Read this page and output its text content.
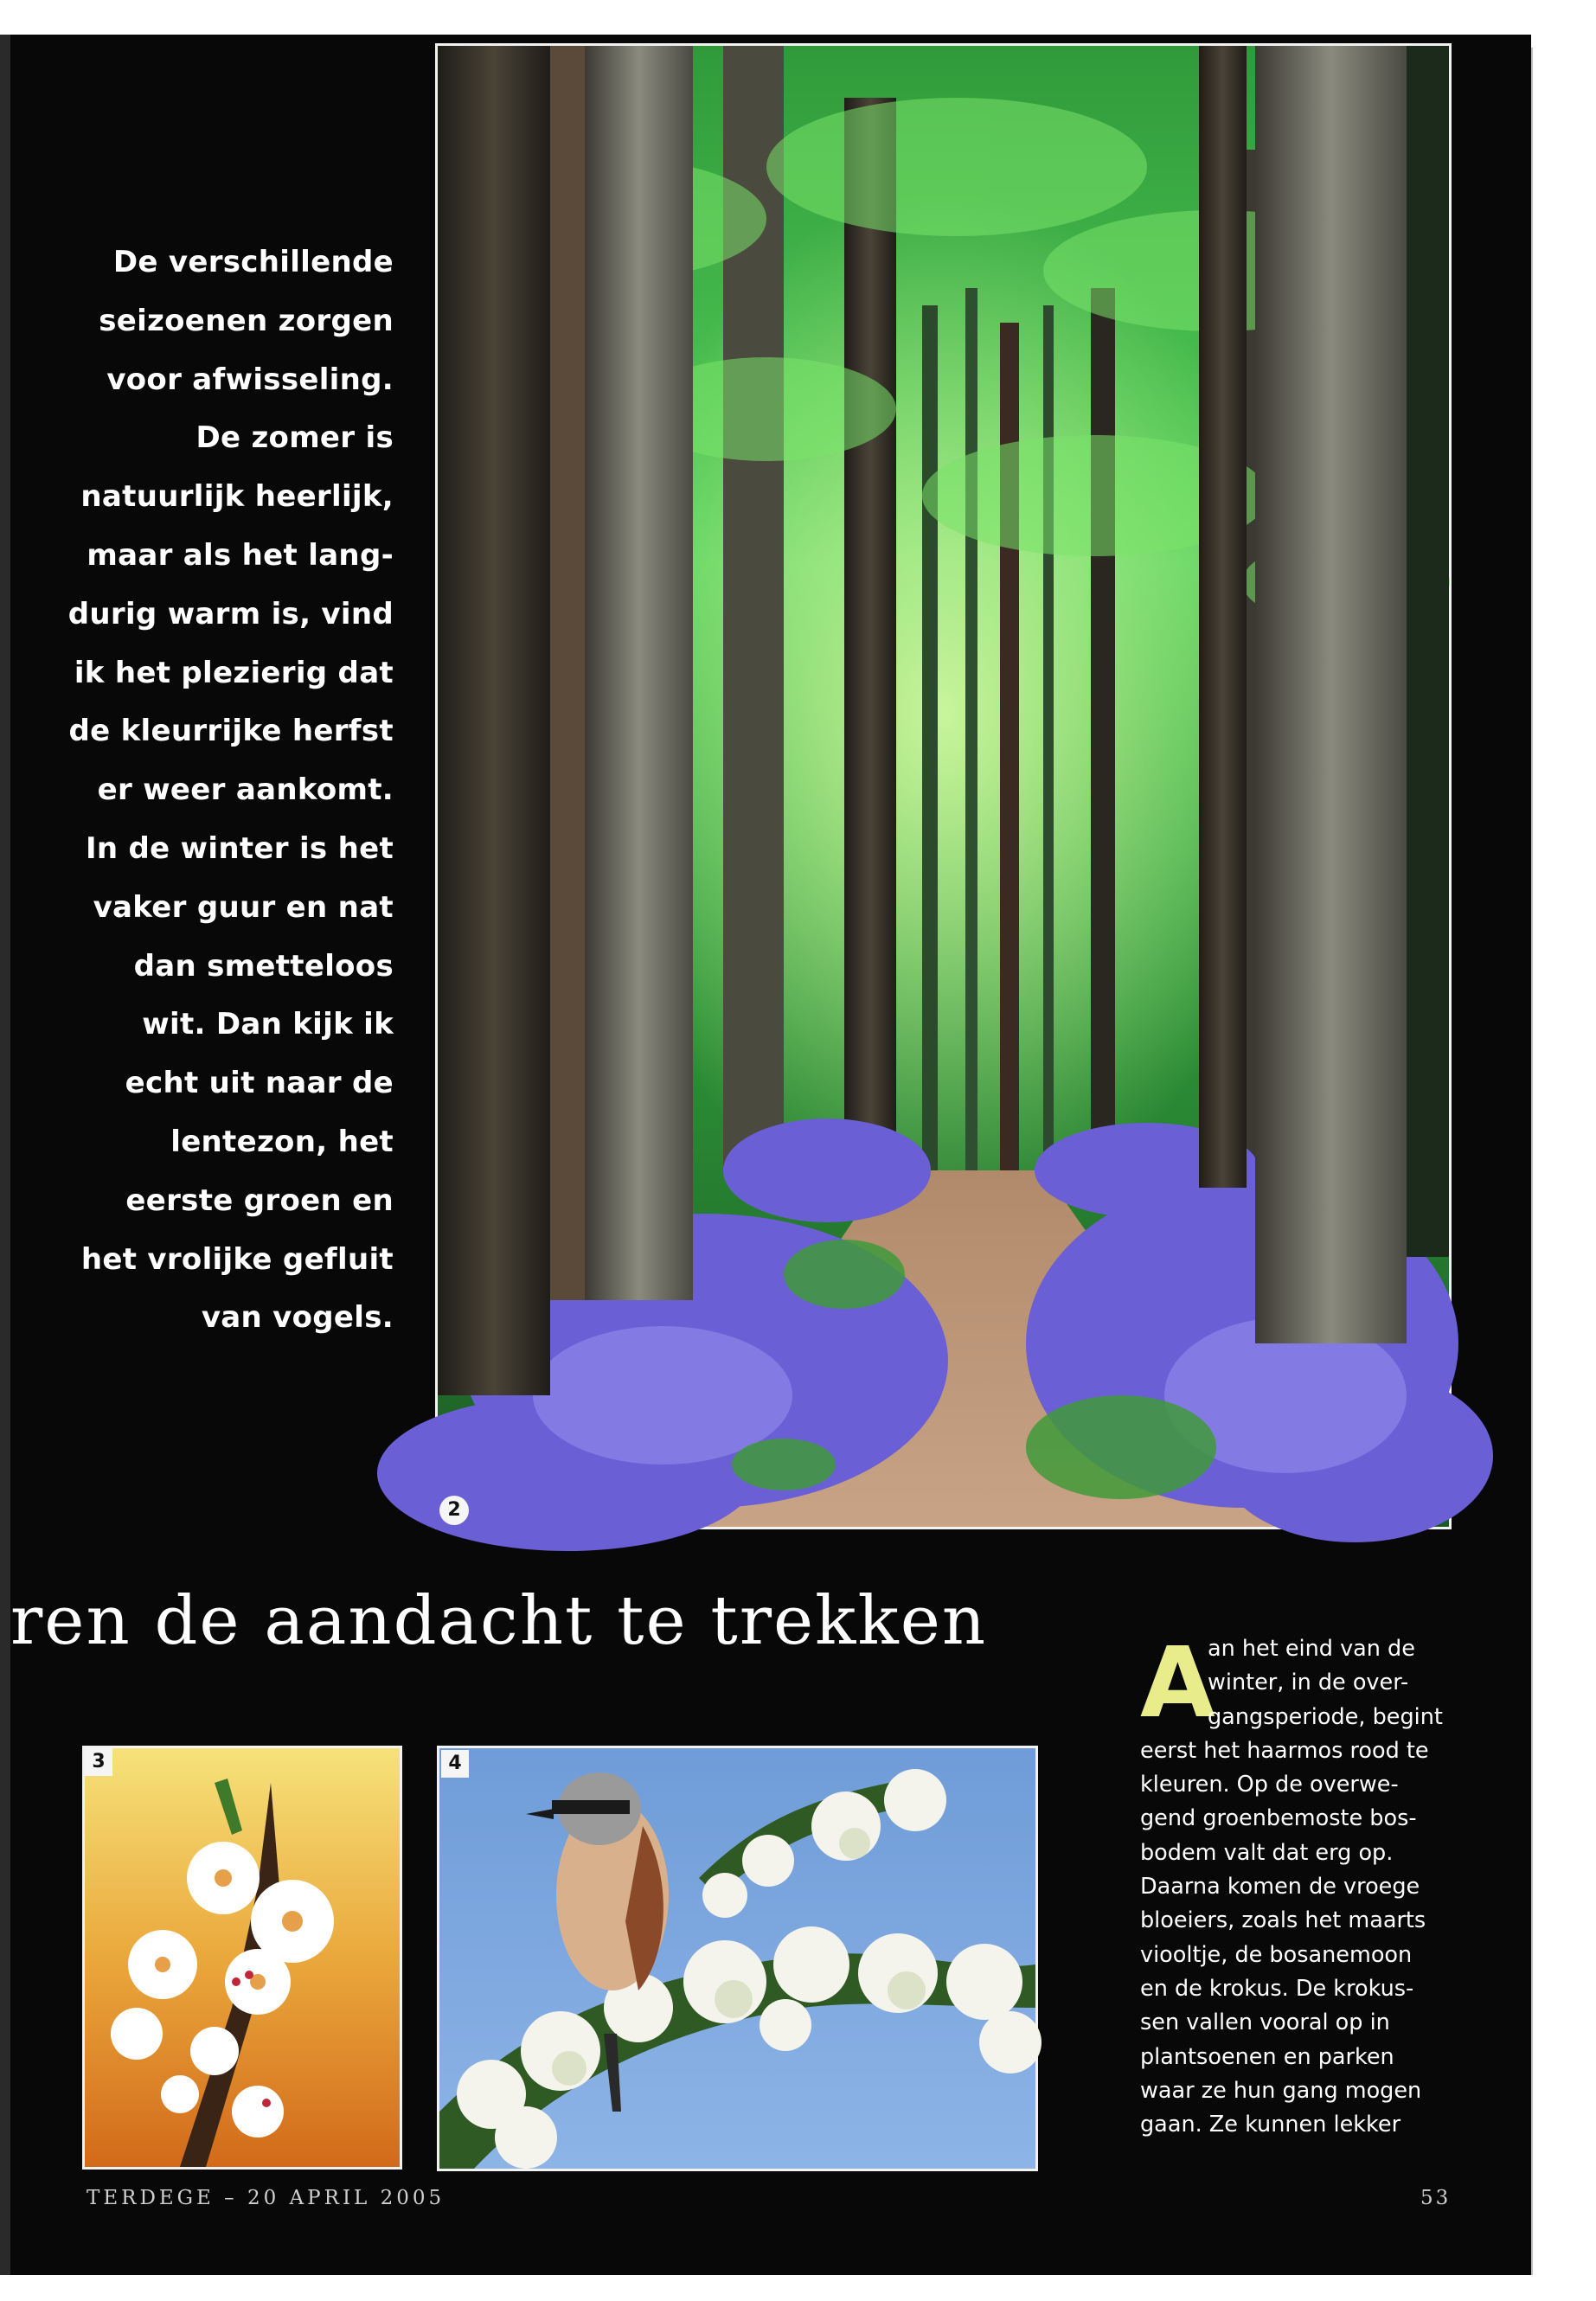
De verschillende
seizoenen zorgen
voor afwisseling.
De zomer is
natuurlijk heerlijk,
maar als het lang-
durig warm is, vind
ik het plezierig dat
de kleurrijke herfst
er weer aankomt.
In de winter is het
vaker guur en nat
dan smetteloos
wit. Dan kijk ik
echt uit naar de
lentezon, het
eerste groen en
het vrolijke gefluit
van vogels.
2
ren de aandacht te trekken
A
an het eind van de
winter, in de over-
gangsperiode, begint
eerst het haarmos rood te
kleuren. Op de overwe-
gend groenbemoste bos-
bodem valt dat erg op.
Daarna komen de vroege
bloeiers, zoals het maarts
viooltje, de bosanemoon
en de krokus. De krokus-
sen vallen vooral op in
plantsoenen en parken
waar ze hun gang mogen
gaan. Ze kunnen lekker
3	4
TERDEGE – 20 APRIL 2005	53
